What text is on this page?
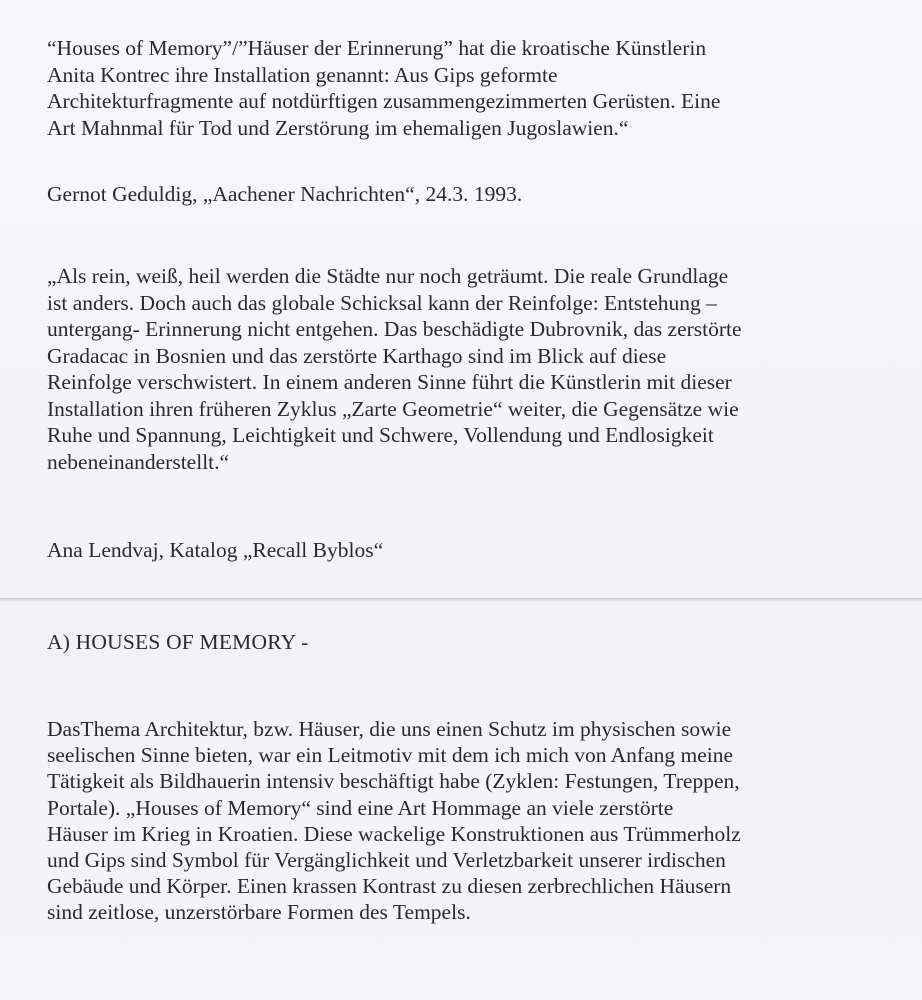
“Houses of Memory”/”Häuser der Erinnerung” hat die kroatische Künstlerin
Anita Kontrec ihre Installation genannt: Aus Gips geformte
Architekturfragmente auf notdürftigen zusammengezimmerten Gerüsten. Eine
Art Mahnmal für Tod und Zerstörung im ehemaligen Jugoslawien.“
Gernot Geduldig, „Aachener Nachrichten“, 24.3. 1993.
„Als rein, weiß, heil werden die Städte nur noch geträumt. Die reale Grundlage
ist anders. Doch auch das globale Schicksal kann der Reinfolge: Entstehung –
untergang- Erinnerung nicht entgehen. Das beschädigte Dubrovnik, das zerstörte
Gradacac in Bosnien und das zerstörte Karthago sind im Blick auf diese
Reinfolge verschwistert. In einem anderen Sinne führt die Künstlerin mit dieser
Installation ihren früheren Zyklus „Zarte Geometrie“ weiter, die Gegensätze wie
Ruhe und Spannung, Leichtigkeit und Schwere, Vollendung und Endlosigkeit
nebeneinanderstellt.“
Ana Lendvaj, Katalog „Recall Byblos“
A) HOUSES OF MEMORY -
DasThema Architektur, bzw. Häuser, die uns einen Schutz im physischen sowie
seelischen Sinne bieten, war ein Leitmotiv mit dem ich mich von Anfang meine
Tätigkeit als Bildhauerin intensiv beschäftigt habe (Zyklen: Festungen, Treppen,
Portale). „Houses of Memory“ sind eine Art Hommage an viele zerstörte
Häuser im Krieg in Kroatien. Diese wackelige Konstruktionen aus Trümmerholz
und Gips sind Symbol für Vergänglichkeit und Verletzbarkeit unserer irdischen
Gebäude und Körper. Einen krassen Kontrast zu diesen zerbrechlichen Häusern
sind zeitlose, unzerstörbare Formen des Tempels.
